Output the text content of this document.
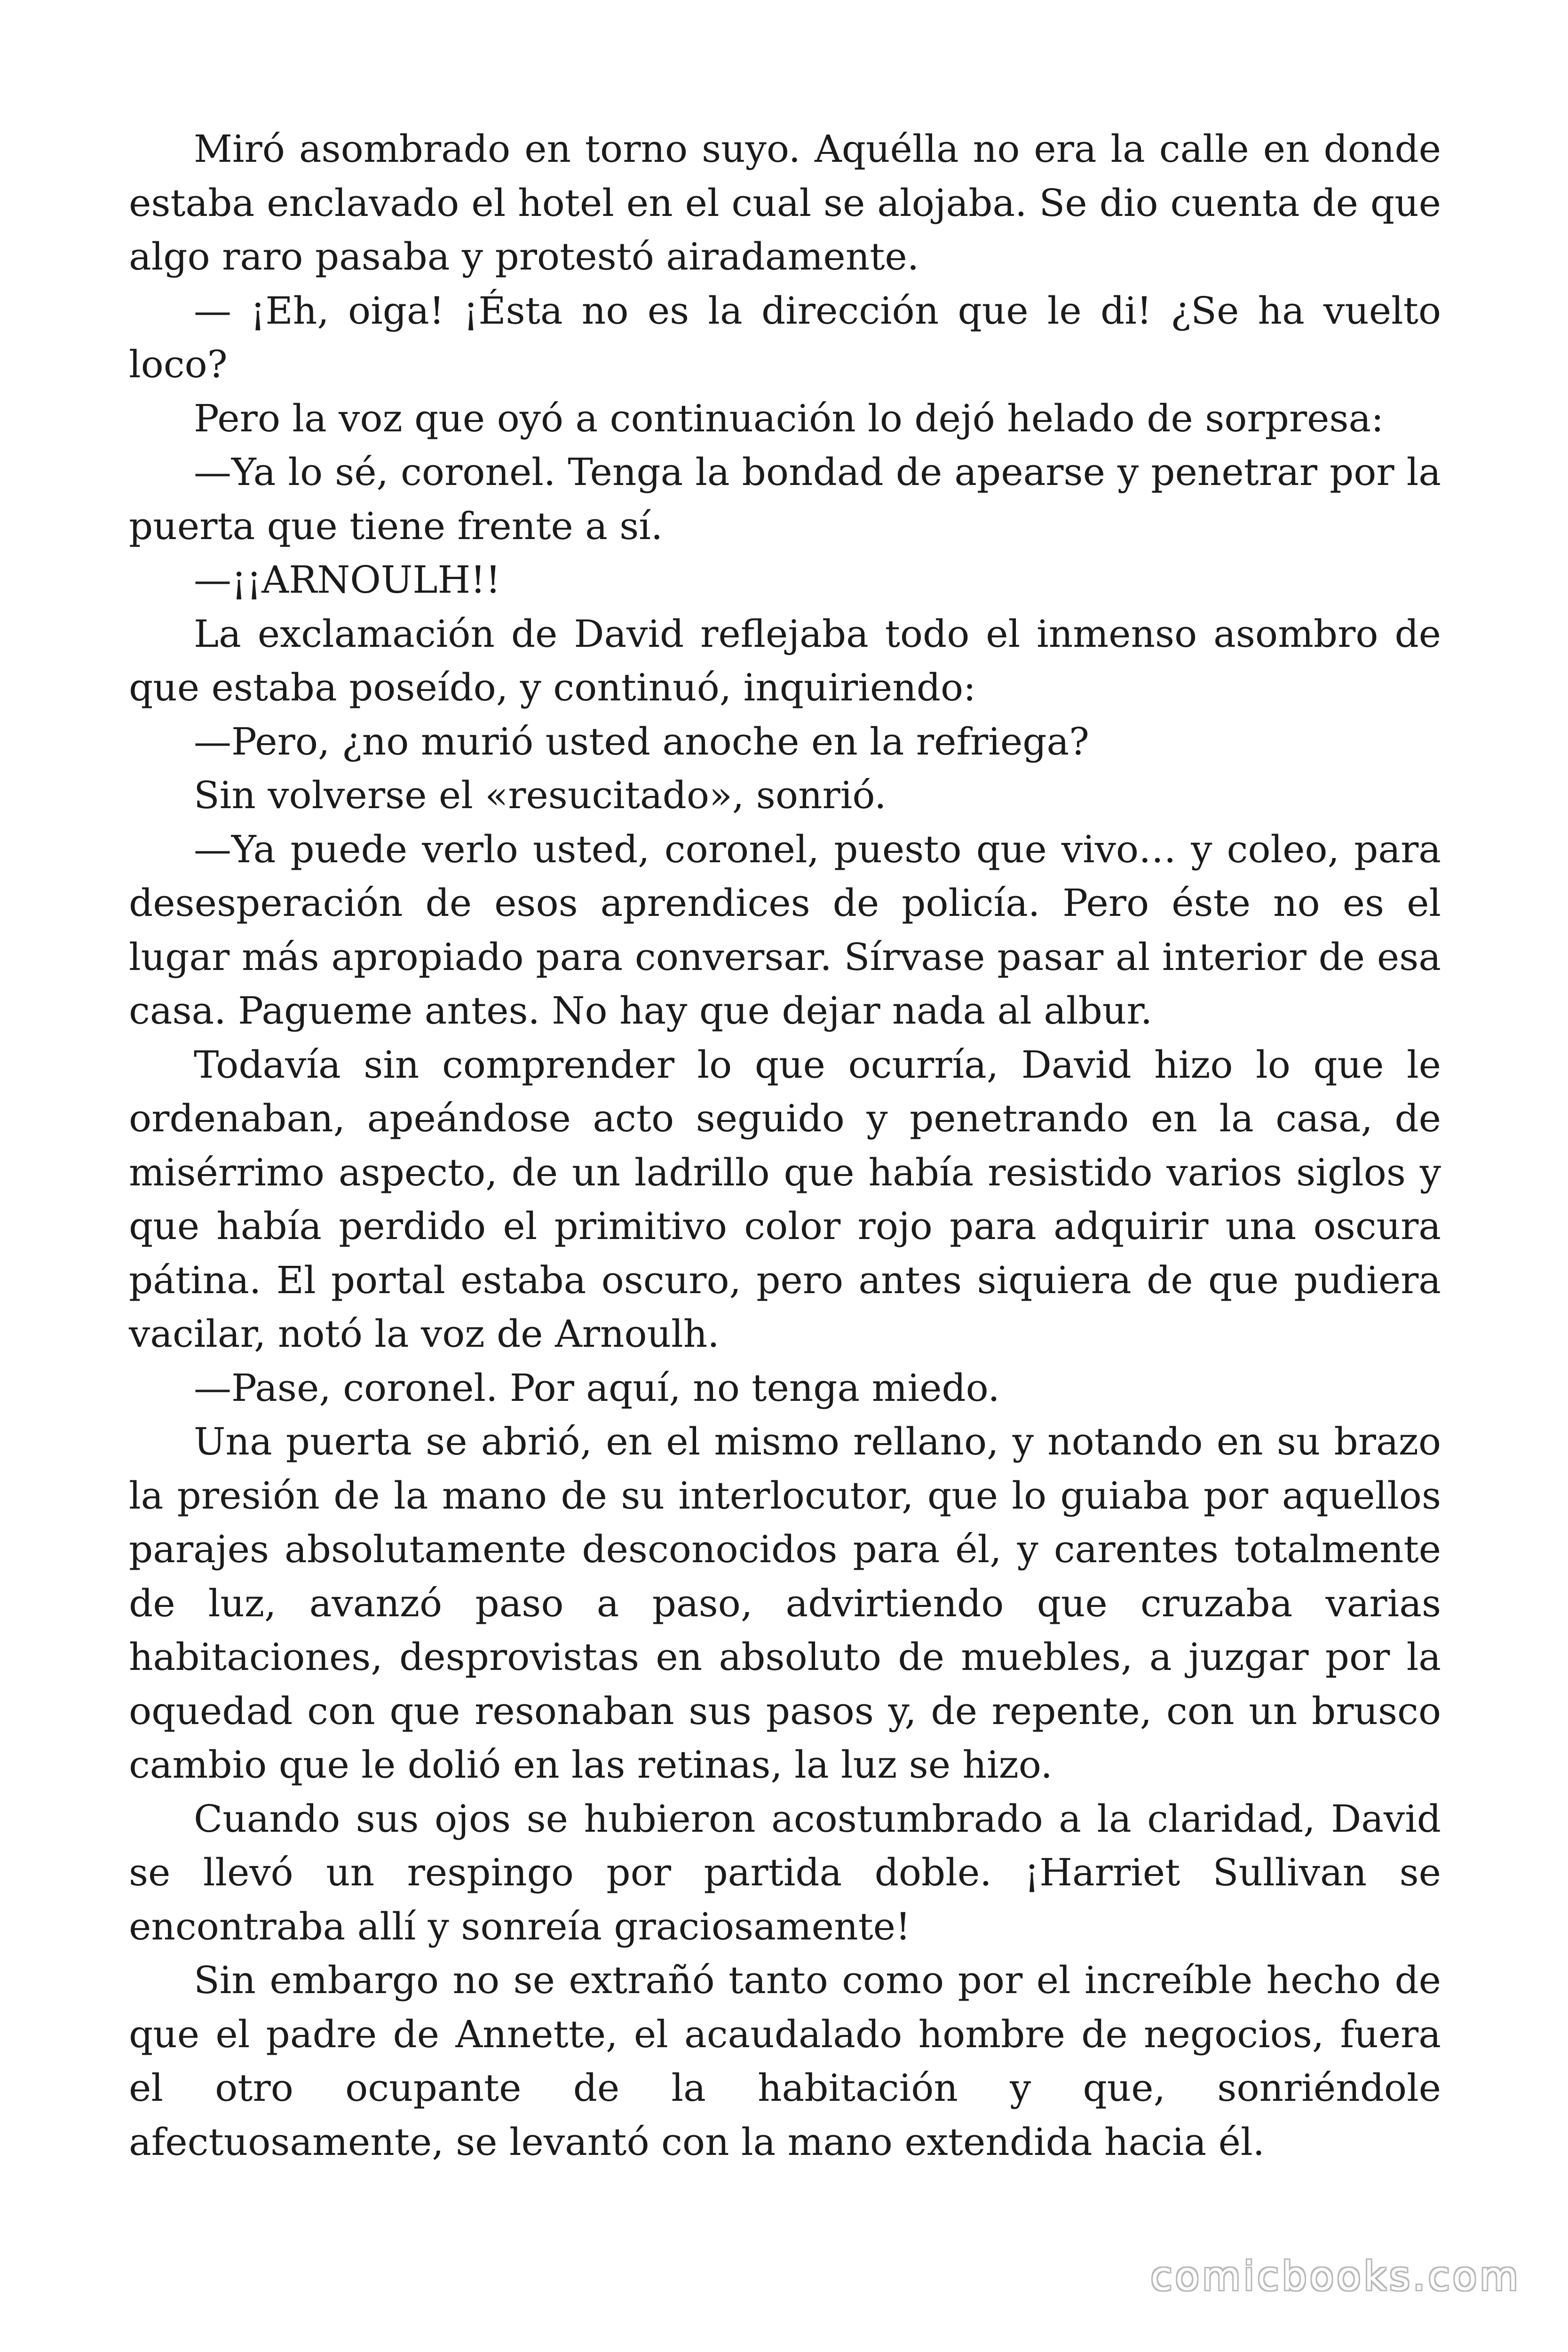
Miró asombrado en torno suyo. Aquélla no era la calle en donde estaba enclavado el hotel en el cual se alojaba. Se dio cuenta de que algo raro pasaba y protestó airadamente.

— ¡Eh, oiga! ¡Ésta no es la dirección que le di! ¿Se ha vuelto loco?

Pero la voz que oyó a continuación lo dejó helado de sorpresa:

—Ya lo sé, coronel. Tenga la bondad de apearse y penetrar por la puerta que tiene frente a sí.

—¡¡ARNOULH!!

La exclamación de David reflejaba todo el inmenso asombro de que estaba poseído, y continuó, inquiriendo:

—Pero, ¿no murió usted anoche en la refriega?

Sin volverse el «resucitado», sonrió.

—Ya puede verlo usted, coronel, puesto que vivo… y coleo, para desesperación de esos aprendices de policía. Pero éste no es el lugar más apropiado para conversar. Sírvase pasar al interior de esa casa. Pagueme antes. No hay que dejar nada al albur.

Todavía sin comprender lo que ocurría, David hizo lo que le ordenaban, apeándose acto seguido y penetrando en la casa, de misérrimo aspecto, de un ladrillo que había resistido varios siglos y que había perdido el primitivo color rojo para adquirir una oscura pátina. El portal estaba oscuro, pero antes siquiera de que pudiera vacilar, notó la voz de Arnoulh.

—Pase, coronel. Por aquí, no tenga miedo.

Una puerta se abrió, en el mismo rellano, y notando en su brazo la presión de la mano de su interlocutor, que lo guiaba por aquellos parajes absolutamente desconocidos para él, y carentes totalmente de luz, avanzó paso a paso, advirtiendo que cruzaba varias habitaciones, desprovistas en absoluto de muebles, a juzgar por la oquedad con que resonaban sus pasos y, de repente, con un brusco cambio que le dolió en las retinas, la luz se hizo.

Cuando sus ojos se hubieron acostumbrado a la claridad, David se llevó un respingo por partida doble. ¡Harriet Sullivan se encontraba allí y sonreía graciosamente!

Sin embargo no se extrañó tanto como por el increíble hecho de que el padre de Annette, el acaudalado hombre de negocios, fuera el otro ocupante de la habitación y que, sonriéndole afectuosamente, se levantó con la mano extendida hacia él.

comicbooks.com
